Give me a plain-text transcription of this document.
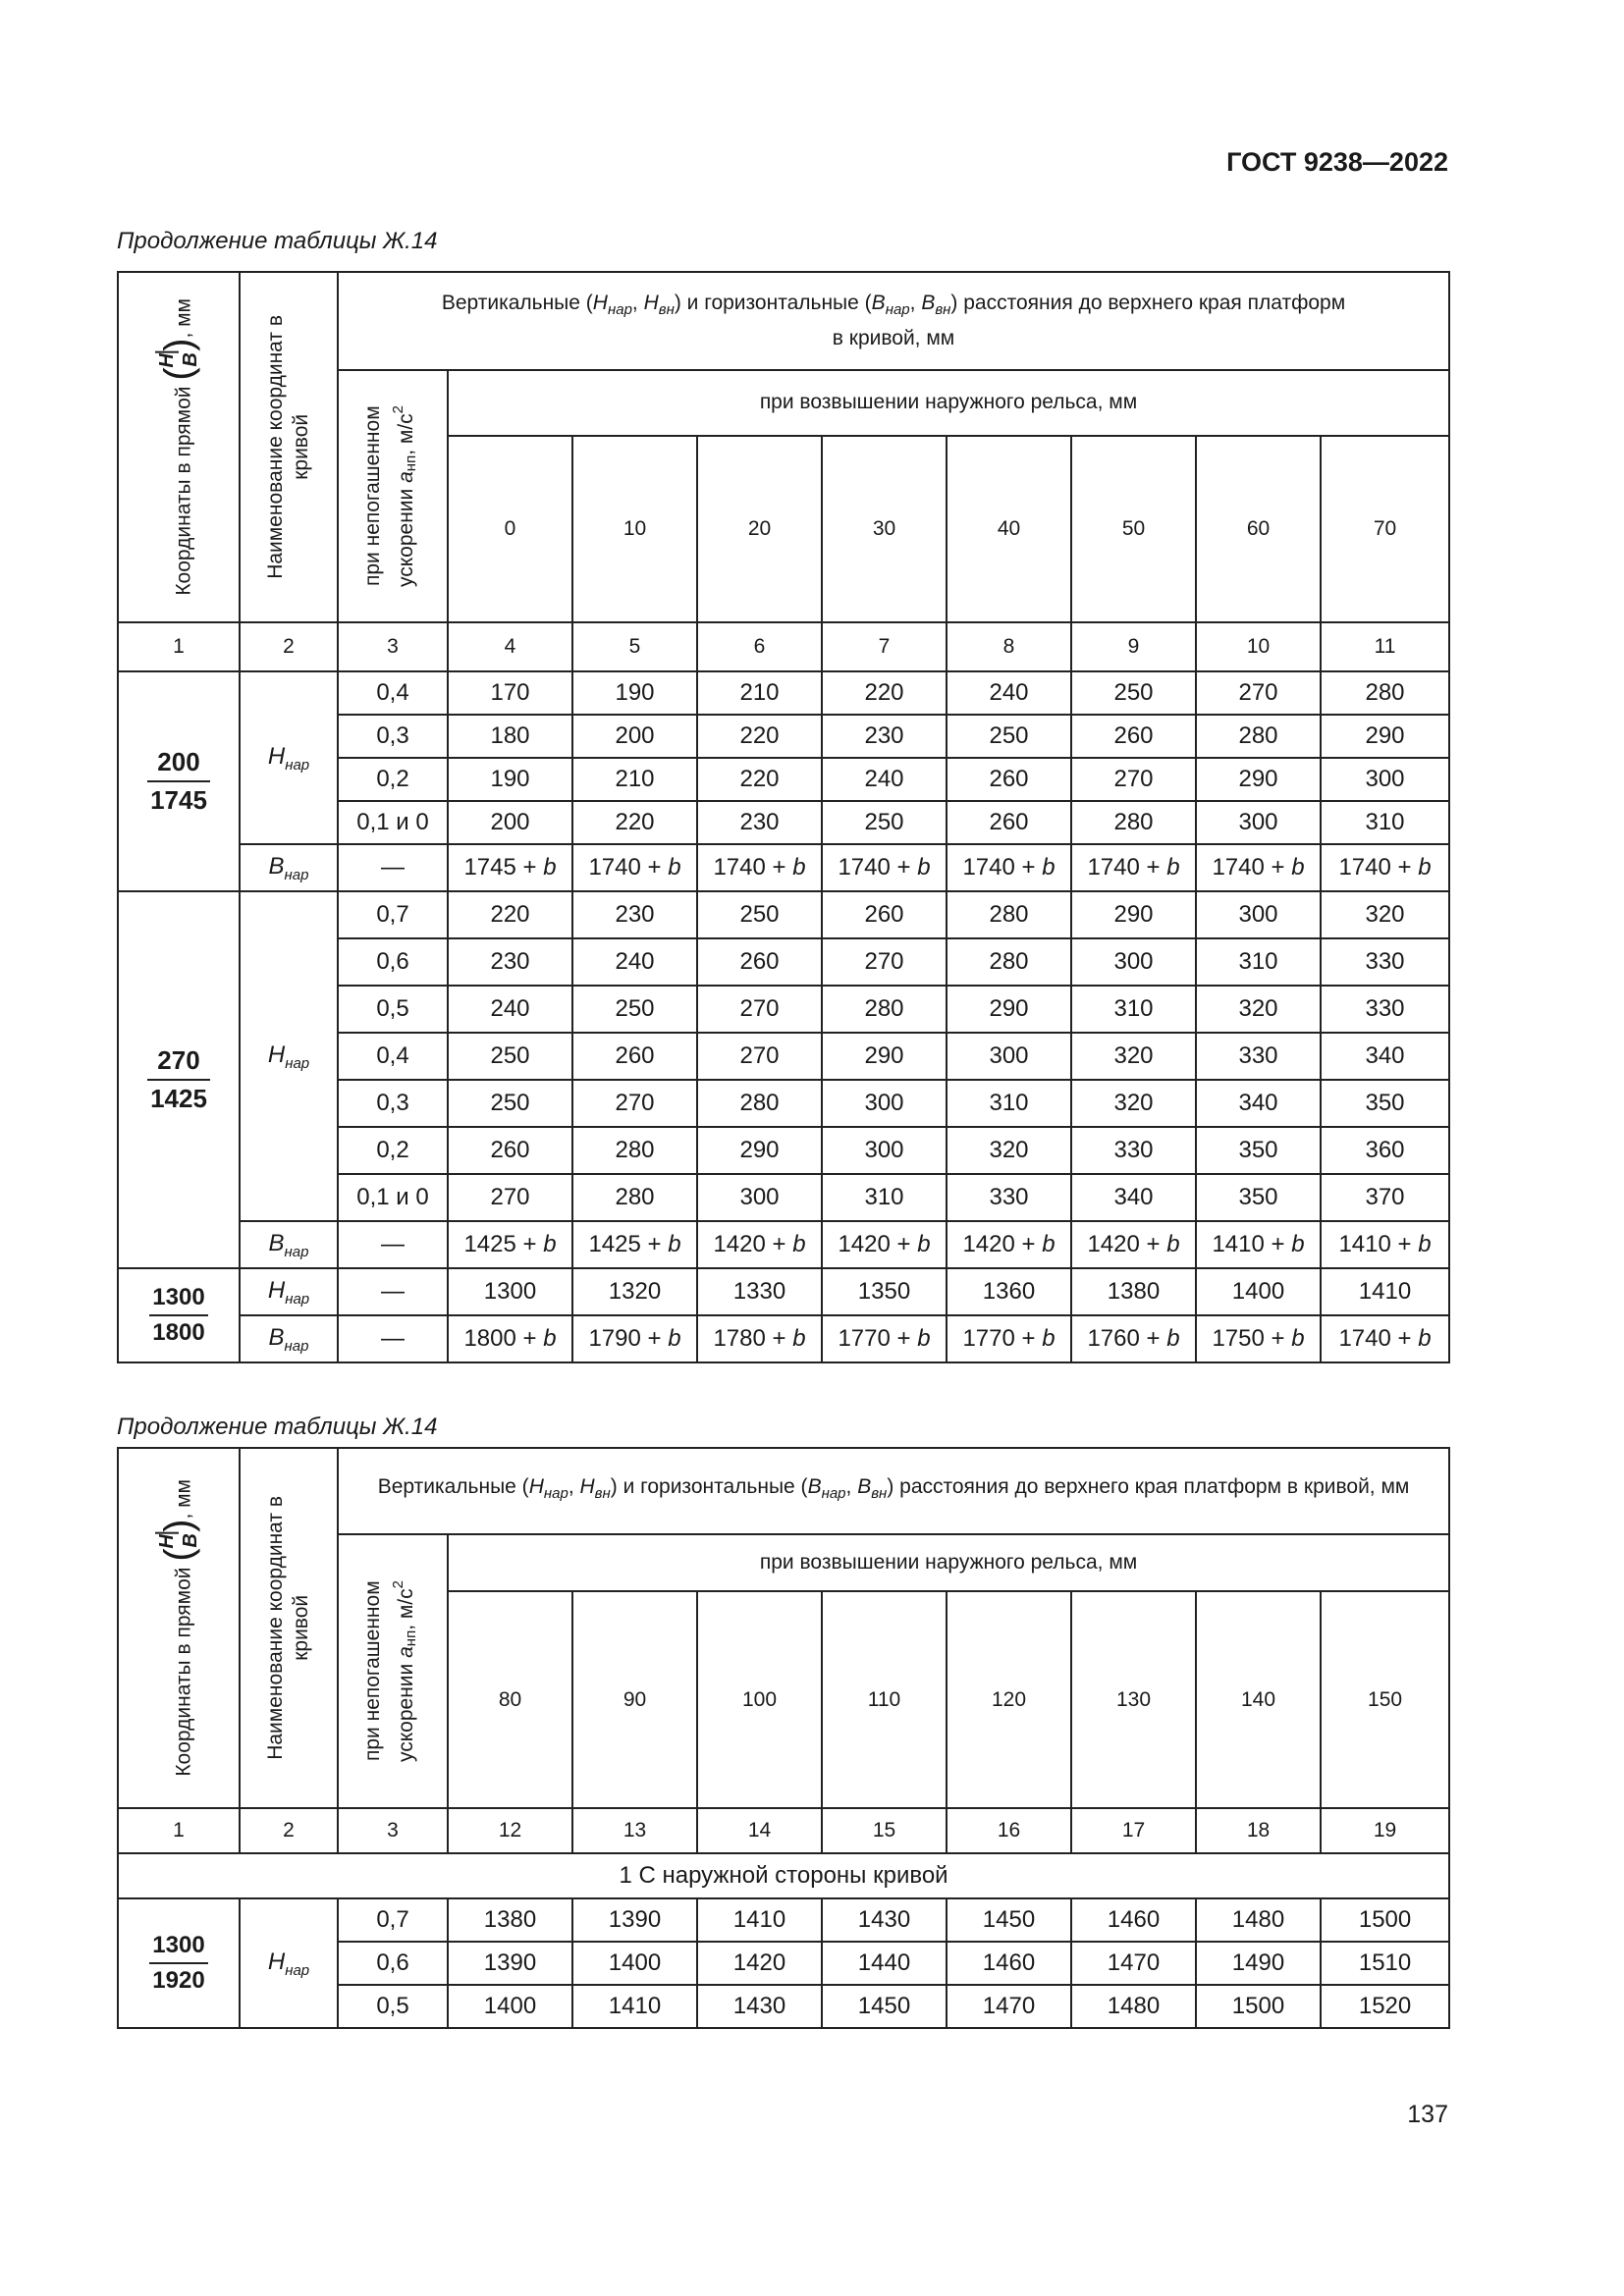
ГОСТ 9238—2022
Продолжение таблицы Ж.14
Координаты в прямой (
H B
), мм	Наименование координат в кривой	Вертикальные ($H_{нар}$, $H_{вн}$) и горизонтальные ($B_{нар}$, $B_{вн}$) расстояния до верхнего края платформ
в кривой, мм								

		при непогашенном ускорении $a_{нп}$, $м/с^2$	при возвышении наружного рельса, мм							
			0	10	20	30	40	50	60	70
1	2	3	4	5	6	7	8	9	10	11

$\frac{200}{1745}$	$H_{нар}$	0,4	170	190	210	220	240	250	270	280
		0,3	180	200	220	230	250	260	280	290
		0,2	190	210	220	240	260	270	290	300
		0,1 и 0	200	220	230	250	260	280	300	310
	$B_{нар}$	—	1745 + b	1740 + b	1740 + b	1740 + b	1740 + b	1740 + b	1740 + b	1740 + b

$\frac{270}{1425}$	$H_{нар}$	0,7	220	230	250	260	280	290	300	320
		0,6	230	240	260	270	280	300	310	330
		0,5	240	250	270	280	290	310	320	330
		0,4	250	260	270	290	300	320	330	340
		0,3	250	270	280	300	310	320	340	350
		0,2	260	280	290	300	320	330	350	360
		0,1 и 0	270	280	300	310	330	340	350	370
	$B_{нар}$	—	1425 + b	1425 + b	1420 + b	1420 + b	1420 + b	1420 + b	1410 + b	1410 + b

$\frac{1300}{1800}$	$H_{нар}$	—	1300	1320	1330	1350	1360	1380	1400	1410
	$B_{нар}$	—	1800 + b	1790 + b	1780 + b	1770 + b	1770 + b	1760 + b	1750 + b	1740 + b
Продолжение таблицы Ж.14
Координаты в прямой (
H B
), мм	Наименование координат в кривой	Вертикальные ($H_{нар}$, $H_{вн}$) и горизонтальные ($B_{нар}$, $B_{вн}$) расстояния до верхнего края платформ в кривой, мм								

		при непогашенном ускорении $a_{нп}$, $м/с^2$	при возвышении наружного рельса, мм							
			80	90	100	110	120	130	140	150
1	2	3	12	13	14	15	16	17	18	19
1 С наружной стороны кривой										

$\frac{1300}{1920}$	$H_{нар}$	0,7	1380	1390	1410	1430	1450	1460	1480	1500
		0,6	1390	1400	1420	1440	1460	1470	1490	1510
		0,5	1400	1410	1430	1450	1470	1480	1500	1520
137
